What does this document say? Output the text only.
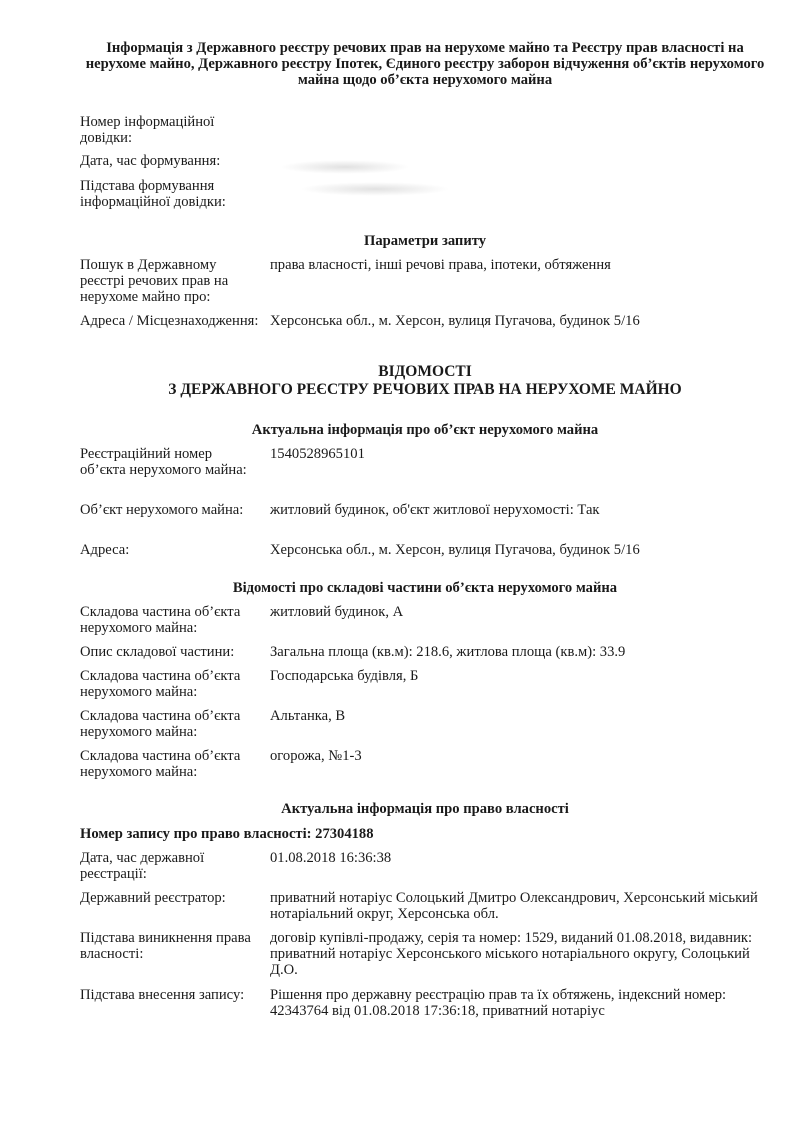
Інформація з Державного реєстру речових прав на нерухоме майно та Реєстру прав власності на нерухоме майно, Державного реєстру Іпотек, Єдиного реєстру заборон відчуження об’єктів нерухомого майна щодо об’єкта нерухомого майна
Номер інформаційної довідки:
Дата, час формування:
Підстава формування інформаційної довідки:
Параметри запиту
Пошук в Державному реєстрі речових прав на нерухоме майно про:
права власності, інші речові права, іпотеки, обтяження
Адреса / Місцезнаходження: Херсонська обл., м. Херсон, вулиця Пугачова, будинок 5/16
ВІДОМОСТІ
З ДЕРЖАВНОГО РЕЄСТРУ РЕЧОВИХ ПРАВ НА НЕРУХОМЕ МАЙНО
Актуальна інформація про об’єкт нерухомого майна
Реєстраційний номер об’єкта нерухомого майна:
1540528965101
Об’єкт нерухомого майна:	житловий будинок, об'єкт житлової нерухомості: Так
Адреса:	Херсонська обл., м. Херсон, вулиця Пугачова, будинок 5/16
Відомості про складові частини об’єкта нерухомого майна
Складова частина об’єкта нерухомого майна:
житловий будинок, А
Опис складової частини:	Загальна площа (кв.м): 218.6, житлова площа (кв.м): 33.9
Складова частина об’єкта нерухомого майна:
Господарська будівля, Б
Складова частина об’єкта нерухомого майна:
Альтанка, В
Складова частина об’єкта нерухомого майна:
огорожа, №1-3
Актуальна інформація про право власності
Номер запису про право власності: 27304188
Дата, час державної реєстрації:
01.08.2018 16:36:38
Державний реєстратор:	приватний нотаріус Солоцький Дмитро Олександрович, Херсонський міський нотаріальний округ, Херсонська обл.
Підстава виникнення права власності:
договір купівлі-продажу, серія та номер: 1529, виданий 01.08.2018, видавник: приватний нотаріус Херсонського міського нотаріального округу, Солоцький Д.О.
Підстава внесення запису:	Рішення про державну реєстрацію прав та їх обтяжень, індексний номер: 42343764 від 01.08.2018 17:36:18, приватний нотаріус
